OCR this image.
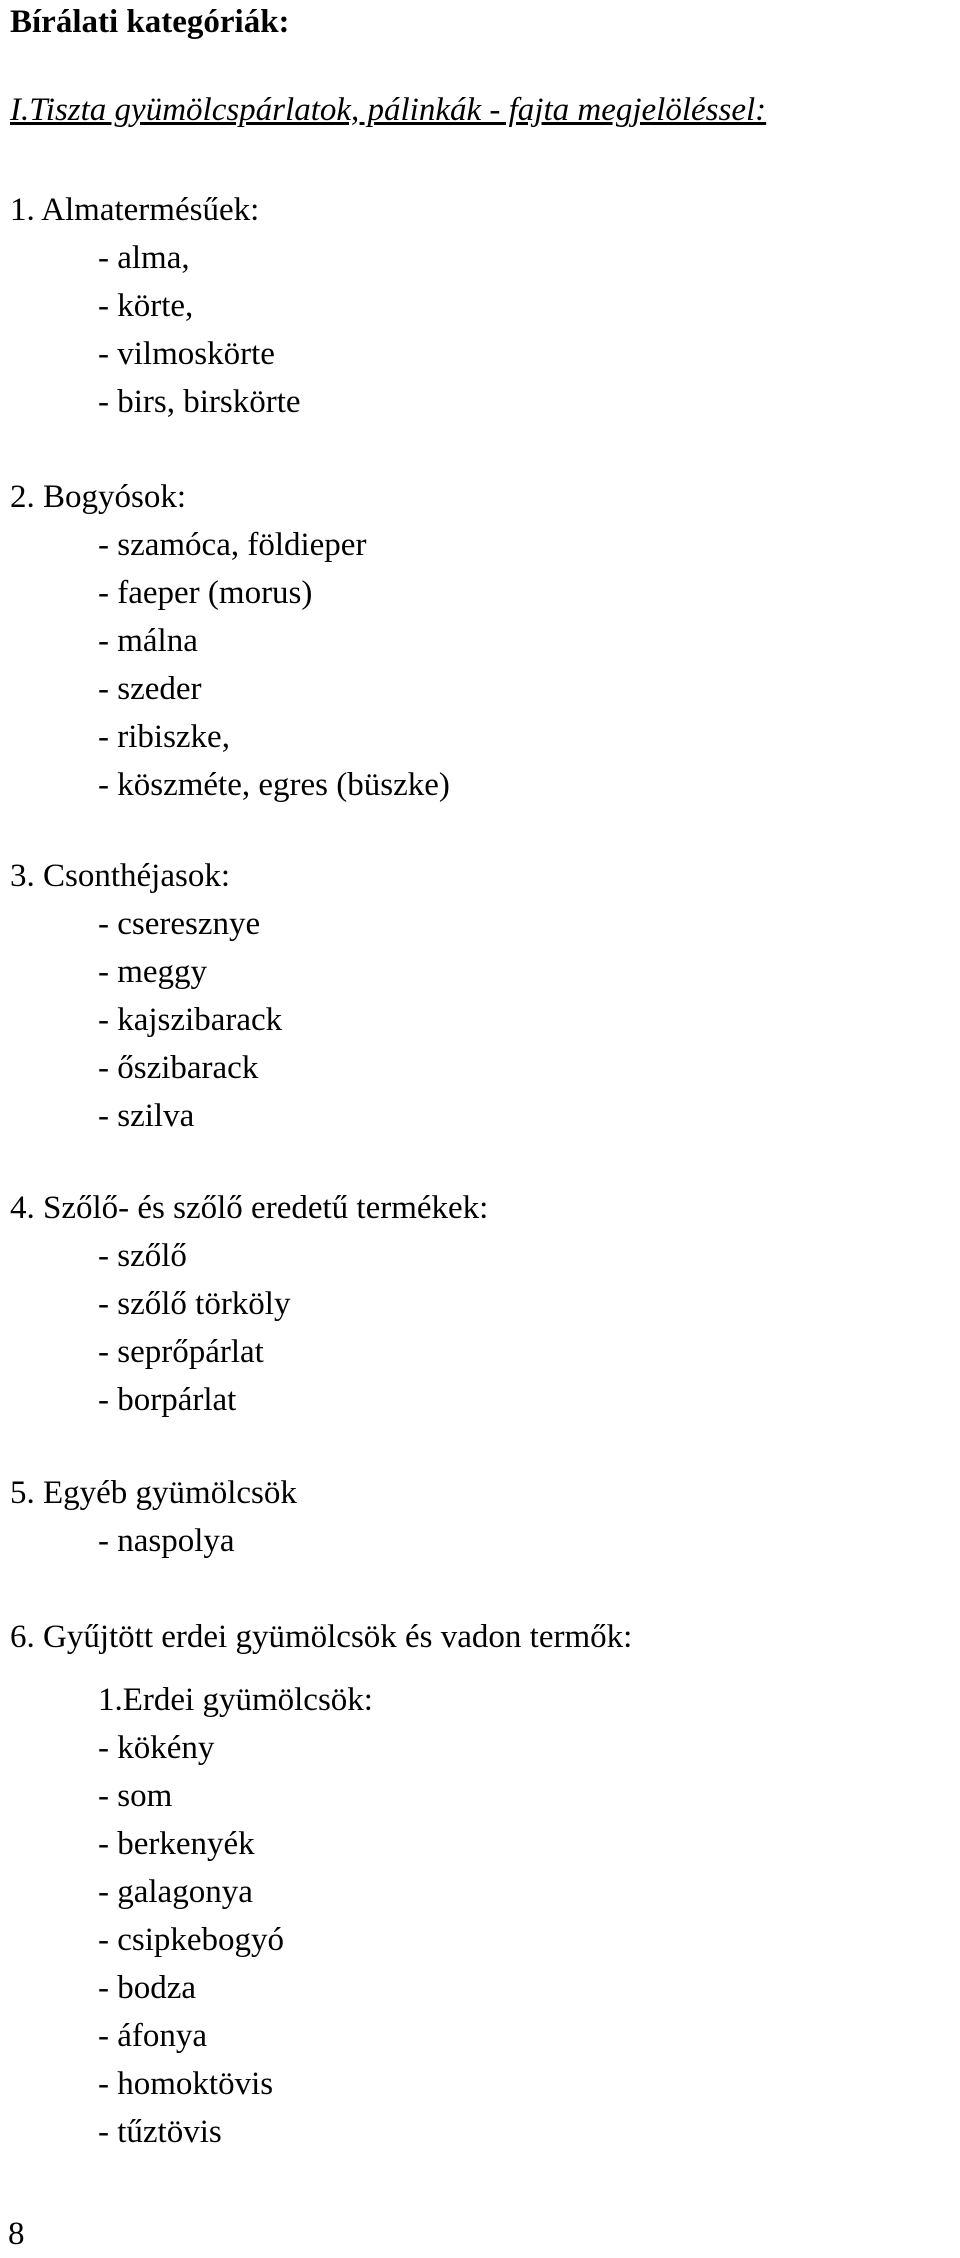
Bírálati kategóriák:
I.Tiszta gyümölcspárlatok, pálinkák - fajta megjelöléssel:
1. Almatermésűek:
- alma,
- körte,
- vilmoskörte
- birs, birskörte
2. Bogyósok:
- szamóca, földieper
- faeper (morus)
- málna
- szeder
- ribiszke,
- köszméte, egres (büszke)
3. Csonthéjasok:
- cseresznye
- meggy
- kajszibarack
- őszibarack
- szilva
4. Szőlő- és szőlő eredetű termékek:
- szőlő
- szőlő törköly
- seprőpárlat
- borpárlat
5. Egyéb gyümölcsök
- naspolya
6. Gyűjtött erdei gyümölcsök és vadon termők:
1.Erdei gyümölcsök:
- kökény
- som
- berkenyék
- galagonya
- csipkebogyó
- bodza
- áfonya
- homoktövis
- tűztövis
8
